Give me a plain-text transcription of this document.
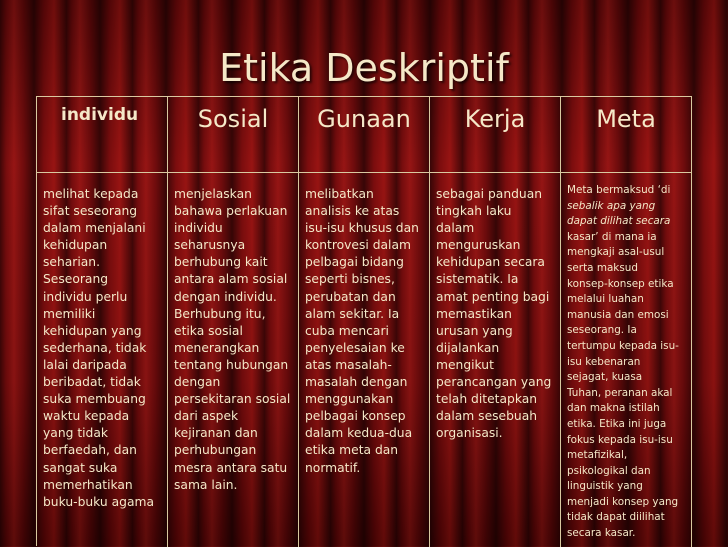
Etika Deskriptif
individu
melihat kepada
sifat seseorang
dalam menjalani
kehidupan
seharian.
Seseorang
individu perlu
memiliki
kehidupan yang
sederhana, tidak
lalai daripada
beribadat, tidak
suka membuang
waktu kepada
yang tidak
berfaedah, dan
sangat suka
memerhatikan
buku-buku agama
Sosial
menjelaskan
bahawa perlakuan
individu
seharusnya
berhubung kait
antara alam sosial
dengan individu.
Berhubung itu,
etika sosial
menerangkan
tentang hubungan
dengan
persekitaran sosial
dari aspek
kejiranan dan
perhubungan
mesra antara satu
sama lain.
Gunaan
melibatkan
analisis ke atas
isu-isu khusus dan
kontrovesi dalam
pelbagai bidang
seperti bisnes,
perubatan dan
alam sekitar. Ia
cuba mencari
penyelesaian ke
atas masalah-
masalah dengan
menggunakan
pelbagai konsep
dalam kedua-dua
etika meta dan
normatif.
Kerja
sebagai panduan
tingkah laku
dalam
menguruskan
kehidupan secara
sistematik. Ia
amat penting bagi
memastikan
urusan yang
dijalankan
mengikut
perancangan yang
telah ditetapkan
dalam sesebuah
organisasi.
Meta
Meta bermaksud ‘di
sebalik apa yang
dapat dilihat secara
kasar’ di mana ia
mengkaji asal-usul
serta maksud
konsep-konsep etika
melalui luahan
manusia dan emosi
seseorang. Ia
tertumpu kepada isu-
isu kebenaran
sejagat, kuasa
Tuhan, peranan akal
dan makna istilah
etika. Etika ini juga
fokus kepada isu-isu
metafizikal,
psikologikal dan
linguistik yang
menjadi konsep yang
tidak dapat diilihat
secara kasar.
